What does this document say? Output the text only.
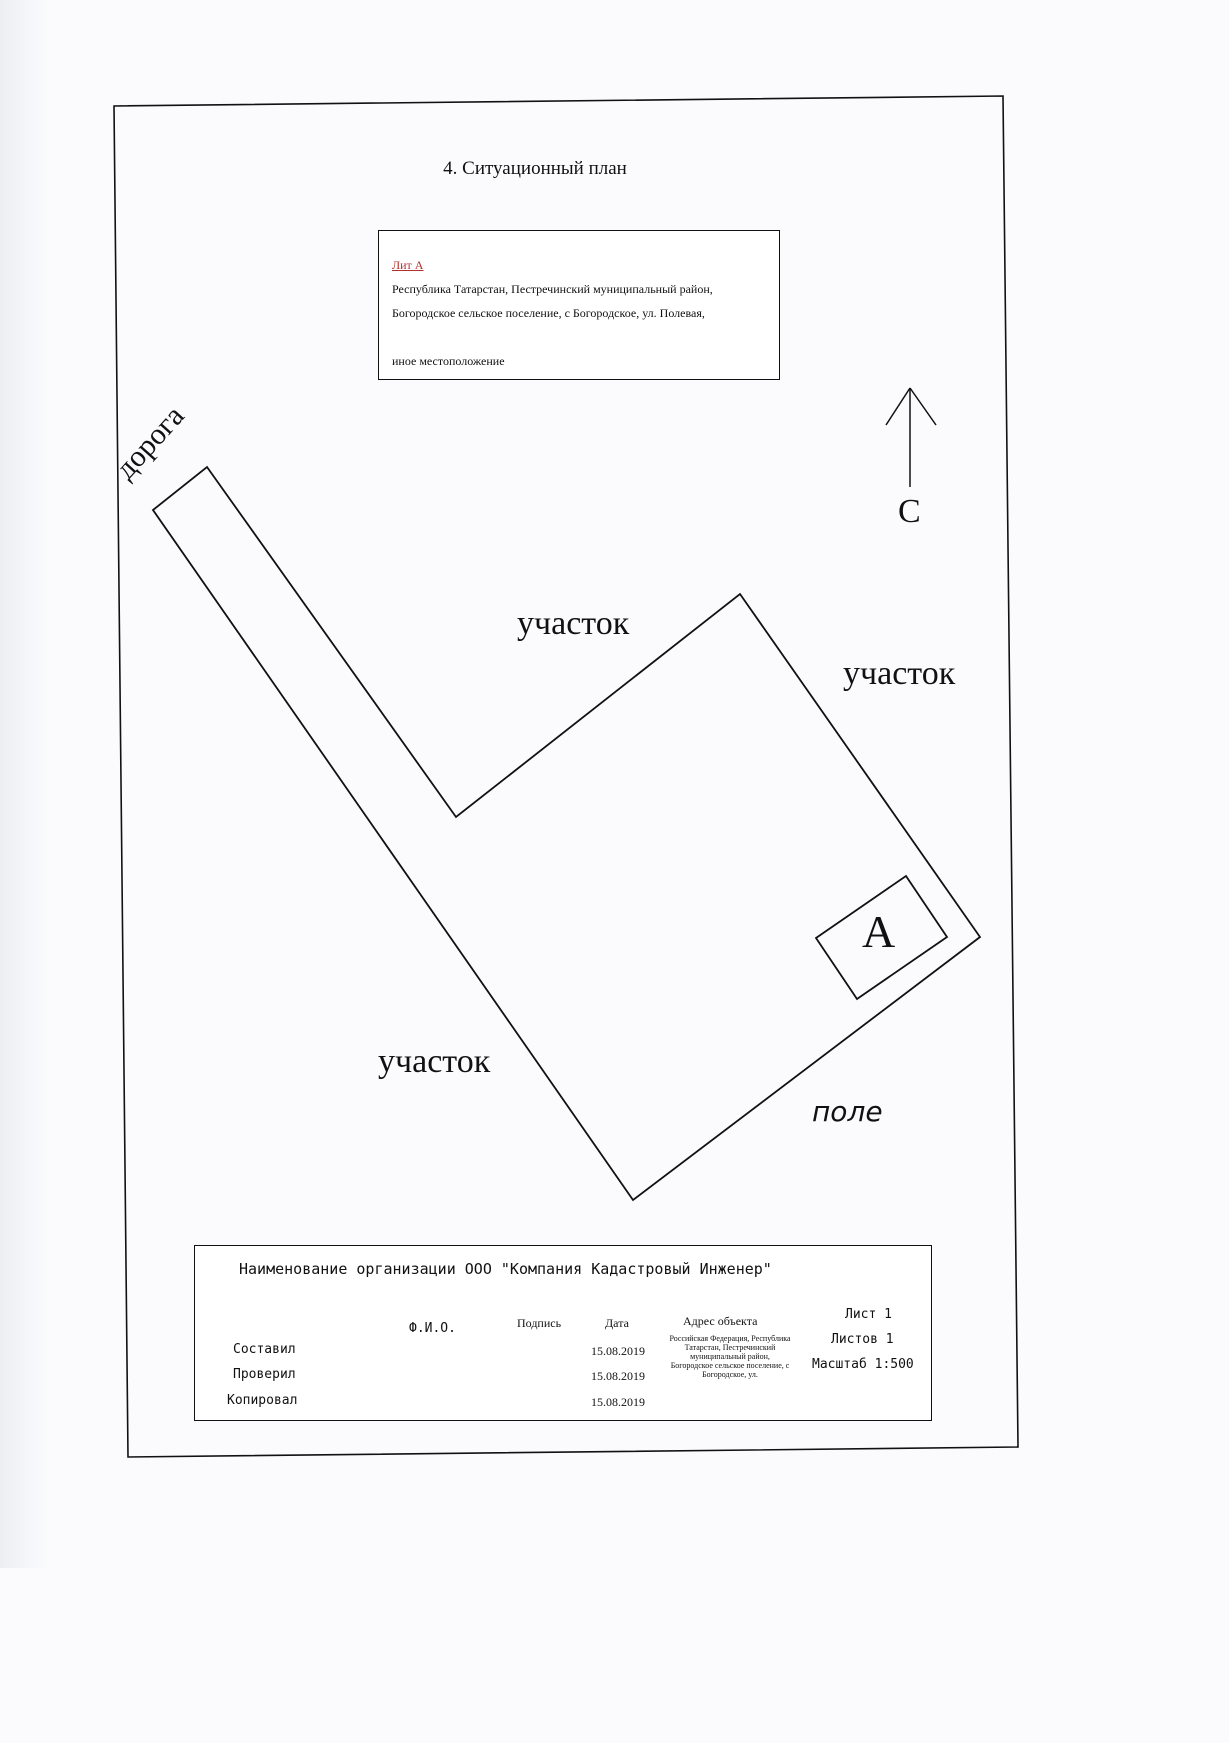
4. Ситуационный план
Лит А
Республика Татарстан, Пестречинский муниципальный район, Богородское сельское поселение, с Богородское, ул. Полевая,
иное местоположение
дорога
С
участок
участок
участок
поле
А
Наименование организации ООО "Компания Кадастровый Инженер"
Ф.И.О.	Подпись	Дата	Адрес объекта
Составил	15.08.2019
Проверил	15.08.2019
Копировал	15.08.2019
Российская Федерация, Республика Татарстан, Пестречинский муниципальный район, Богородское сельское поселение, с Богородское, ул.
Лист 1
Листов 1
Масштаб 1:500
